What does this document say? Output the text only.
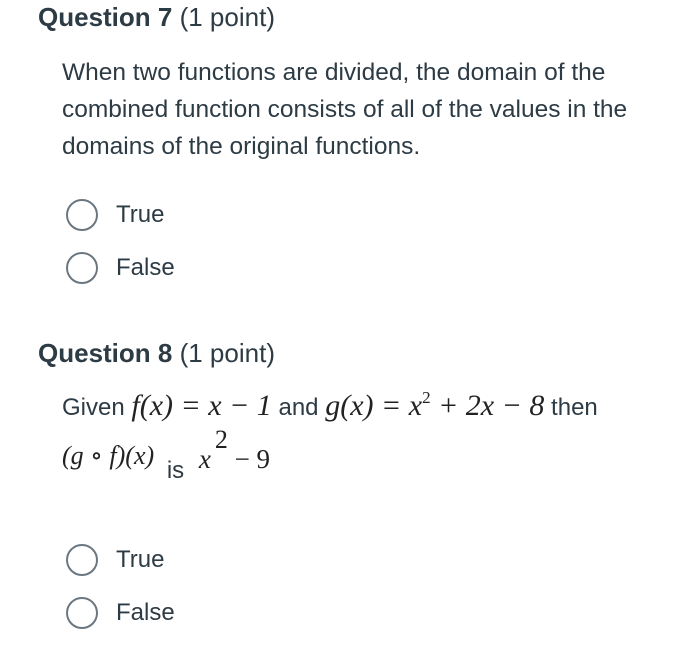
Question 7 (1 point)
When two functions are divided, the domain of the combined function consists of all of the values in the domains of the original functions.
True
False
Question 8 (1 point)
Given f(x) = x − 1 and $g(x) = x^2 + 2x - 8$ then
(g ∘ f)(x) is x2 − 9
True
False
